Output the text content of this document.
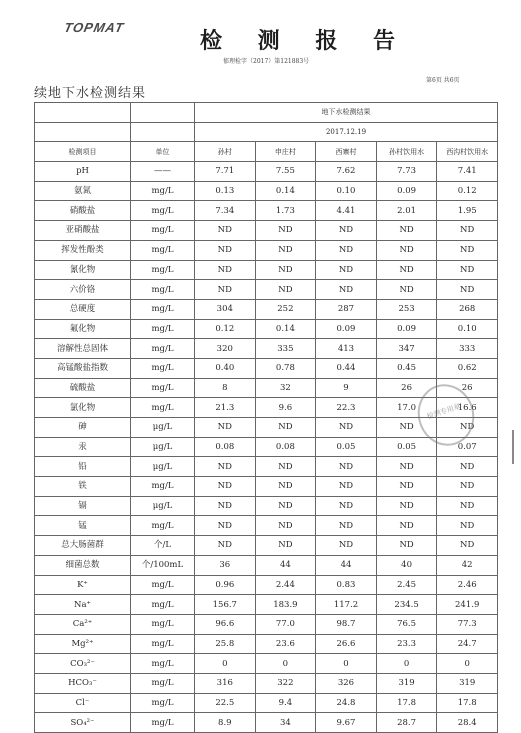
TOPMAT
检 测 报 告
郁理检字（2017）第121883号
第6页 共6页
续地下水检测结果
		地下水检测结果				
		2017.12.19				
检测项目	单位	孙村	申庄村	西寨村	孙村饮用水	西沟村饮用水
pH	——	7.71	7.55	7.62	7.73	7.41
氨氮	mg/L	0.13	0.14	0.10	0.09	0.12
硝酸盐	mg/L	7.34	1.73	4.41	2.01	1.95
亚硝酸盐	mg/L	ND	ND	ND	ND	ND
挥发性酚类	mg/L	ND	ND	ND	ND	ND
氰化物	mg/L	ND	ND	ND	ND	ND
六价铬	mg/L	ND	ND	ND	ND	ND
总硬度	mg/L	304	252	287	253	268
氟化物	mg/L	0.12	0.14	0.09	0.09	0.10
溶解性总固体	mg/L	320	335	413	347	333
高锰酸盐指数	mg/L	0.40	0.78	0.44	0.45	0.62
硫酸盐	mg/L	8	32	9	26	26
氯化物	mg/L	21.3	9.6	22.3	17.0	16.6
砷	μg/L	ND	ND	ND	ND	ND
汞	μg/L	0.08	0.08	0.05	0.05	0.07
铅	μg/L	ND	ND	ND	ND	ND
铁	mg/L	ND	ND	ND	ND	ND
镉	μg/L	ND	ND	ND	ND	ND
锰	mg/L	ND	ND	ND	ND	ND
总大肠菌群	个/L	ND	ND	ND	ND	ND
细菌总数	个/100mL	36	44	44	40	42
K⁺	mg/L	0.96	2.44	0.83	2.45	2.46
Na⁺	mg/L	156.7	183.9	117.2	234.5	241.9
Ca²⁺	mg/L	96.6	77.0	98.7	76.5	77.3
Mg²⁺	mg/L	25.8	23.6	26.6	23.3	24.7
CO₃²⁻	mg/L	0	0	0	0	0
HCO₃⁻	mg/L	316	322	326	319	319
Cl⁻	mg/L	22.5	9.4	24.8	17.8	17.8
SO₄²⁻	mg/L	8.9	34	9.67	28.7	28.4
检测专用章
